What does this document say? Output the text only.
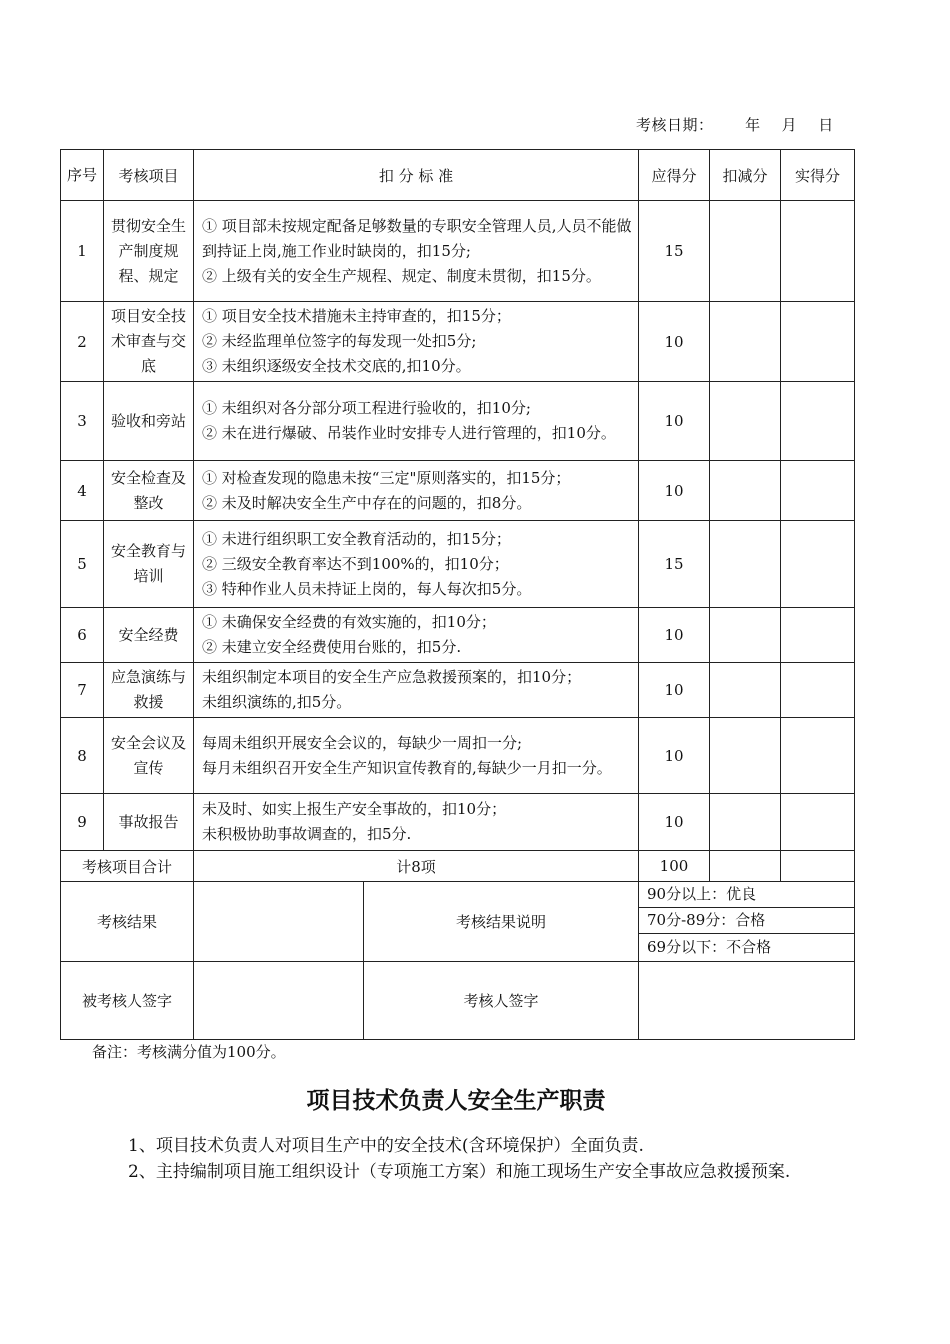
考核日期：      年    月    日
序号	考核项目	扣 分 标 准		应得分	扣减分	实得分
1	贯彻安全生产制度规程、规定	① 项目部未按规定配备足够数量的专职安全管理人员,人员不能做到持证上岗,施工作业时缺岗的，扣15分;
② 上级有关的安全生产规程、规定、制度未贯彻，扣15分。		15		
2	项目安全技术审查与交底	① 项目安全技术措施未主持审查的，扣15分；
② 未经监理单位签字的每发现一处扣5分;
③ 未组织逐级安全技术交底的,扣10分。		10		
3	验收和旁站	① 未组织对各分部分项工程进行验收的，扣10分;
② 未在进行爆破、吊装作业时安排专人进行管理的，扣10分。		10		
4	安全检查及整改	① 对检查发现的隐患未按“三定"原则落实的，扣15分；
② 未及时解决安全生产中存在的问题的，扣8分。		10		
5	安全教育与培训	① 未进行组织职工安全教育活动的，扣15分；
② 三级安全教育率达不到100%的，扣10分；
③ 特种作业人员未持证上岗的，每人每次扣5分。		15		
6	安全经费	① 未确保安全经费的有效实施的，扣10分；
② 未建立安全经费使用台账的，扣5分.		10		
7	应急演练与救援	未组织制定本项目的安全生产应急救援预案的，扣10分；
未组织演练的,扣5分。		10		
8	安全会议及宣传	每周未组织开展安全会议的，每缺少一周扣一分;
每月未组织召开安全生产知识宣传教育的,每缺少一月扣一分。		10		
9	事故报告	未及时、如实上报生产安全事故的，扣10分；
未积极协助事故调查的，扣5分.		10		
考核项目合计		计8项		100		
考核结果			考核结果说明	90分以上：优良		
				70分-89分：合格		
				69分以下：不合格		
被考核人签字			考核人签字			
备注：考核满分值为100分。
项目技术负责人安全生产职责
1、项目技术负责人对项目生产中的安全技术(含环境保护）全面负责.
2、主持编制项目施工组织设计（专项施工方案）和施工现场生产安全事故应急救援预案.
